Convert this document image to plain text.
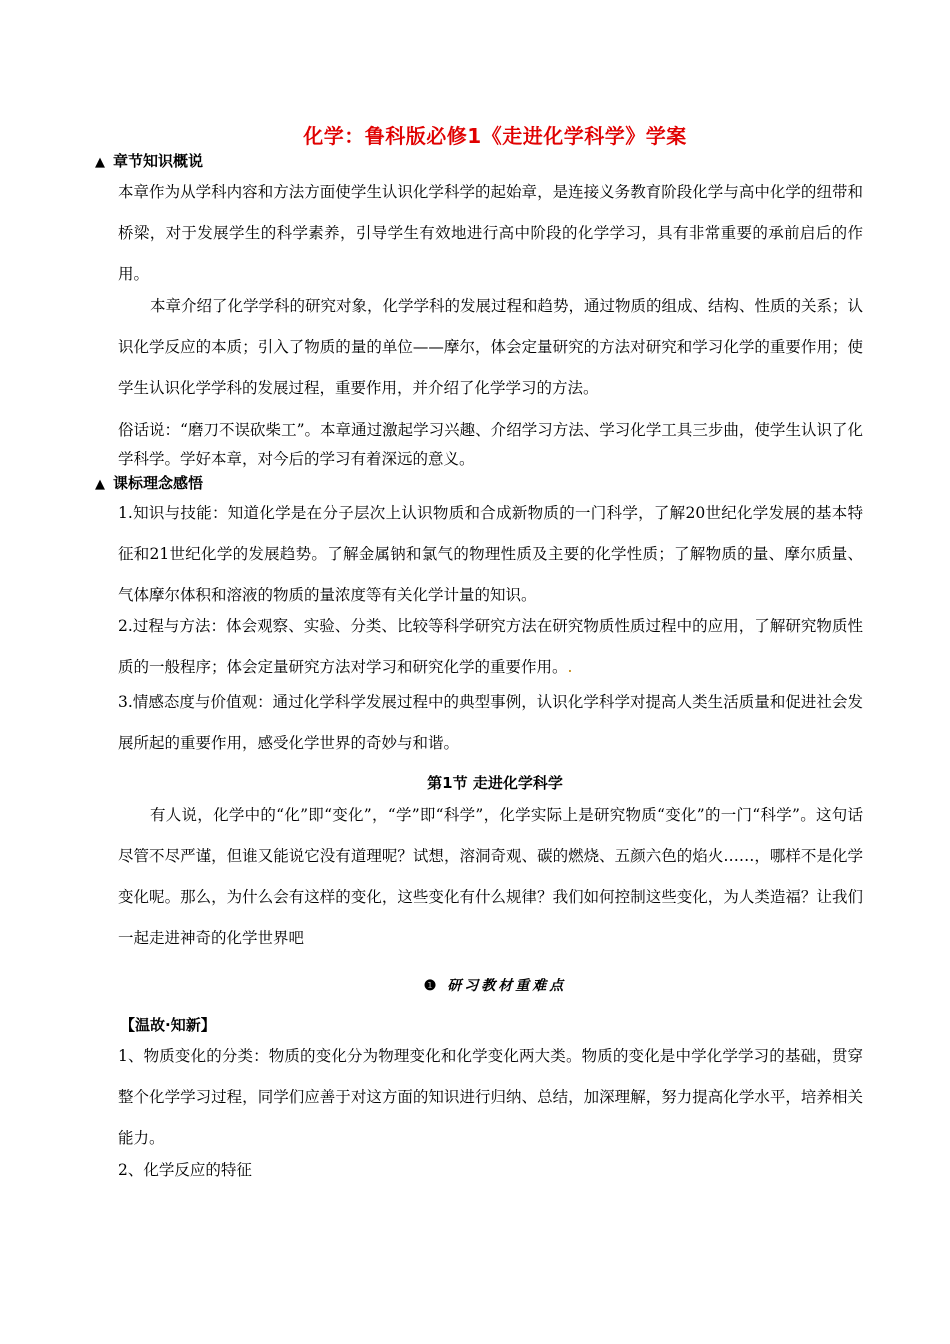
化学：鲁科版必修1《走进化学科学》学案
▲ 章节知识概说
本章作为从学科内容和方法方面使学生认识化学科学的起始章，是连接义务教育阶段化学与高中化学的纽带和桥梁，对于发展学生的科学素养，引导学生有效地进行高中阶段的化学学习，具有非常重要的承前启后的作用。
本章介绍了化学学科的研究对象，化学学科的发展过程和趋势，通过物质的组成、结构、性质的关系；认识化学反应的本质；引入了物质的量的单位——摩尔，体会定量研究的方法对研究和学习化学的重要作用；使学生认识化学学科的发展过程，重要作用，并介绍了化学学习的方法。
俗话说：“磨刀不误砍柴工”。本章通过激起学习兴趣、介绍学习方法、学习化学工具三步曲，使学生认识了化学科学。学好本章，对今后的学习有着深远的意义。
▲ 课标理念感悟
1.知识与技能：知道化学是在分子层次上认识物质和合成新物质的一门科学，了解20世纪化学发展的基本特征和21世纪化学的发展趋势。了解金属钠和氯气的物理性质及主要的化学性质；了解物质的量、摩尔质量、气体摩尔体积和溶液的物质的量浓度等有关化学计量的知识。
2.过程与方法：体会观察、实验、分类、比较等科学研究方法在研究物质性质过程中的应用，了解研究物质性质的一般程序；体会定量研究方法对学习和研究化学的重要作用。.
3.情感态度与价值观：通过化学科学发展过程中的典型事例，认识化学科学对提高人类生活质量和促进社会发展所起的重要作用，感受化学世界的奇妙与和谐。
第1节 走进化学科学
有人说，化学中的“化”即“变化”，“学”即“科学”，化学实际上是研究物质“变化”的一门“科学”。这句话尽管不尽严谨，但谁又能说它没有道理呢？试想，溶洞奇观、碳的燃烧、五颜六色的焰火……，哪样不是化学变化呢。那么，为什么会有这样的变化，这些变化有什么规律？我们如何控制这些变化，为人类造福？让我们一起走进神奇的化学世界吧
❶ 研习教材重难点
【温故·知新】
1、物质变化的分类：物质的变化分为物理变化和化学变化两大类。物质的变化是中学化学学习的基础，贯穿整个化学学习过程，同学们应善于对这方面的知识进行归纳、总结，加深理解，努力提高化学水平，培养相关能力。
2、化学反应的特征
